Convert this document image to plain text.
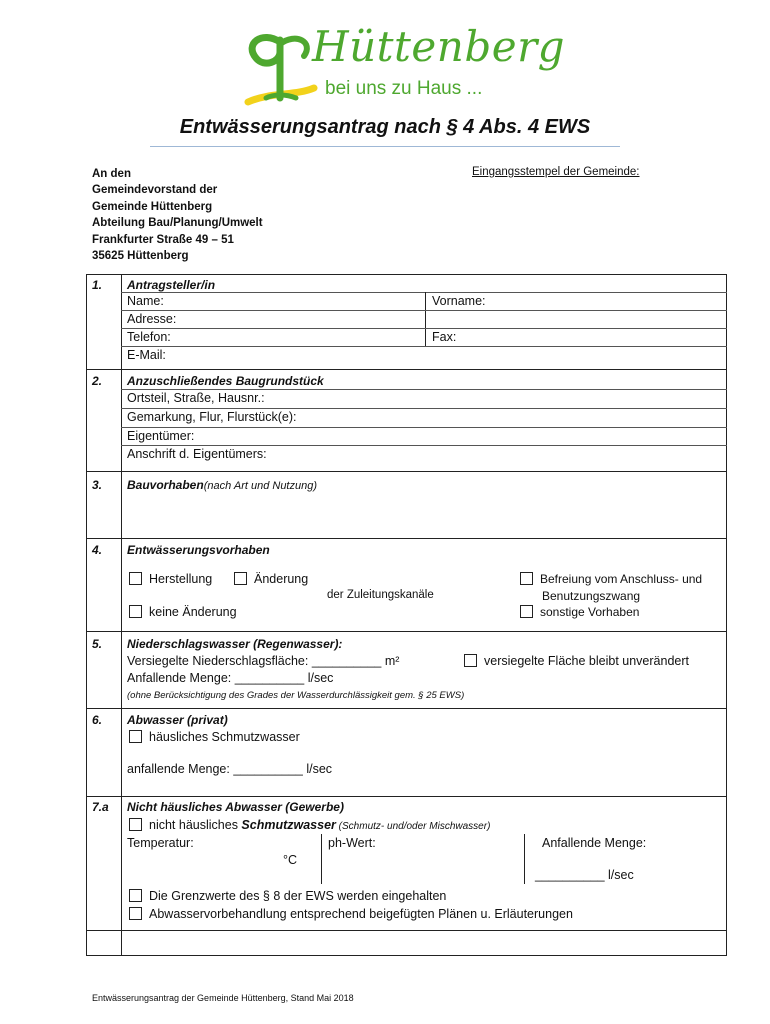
Hüttenberg
bei uns zu Haus ...
Entwässerungsantrag nach § 4 Abs. 4 EWS
An den
Gemeindevorstand der
Gemeinde Hüttenberg
Abteilung Bau/Planung/Umwelt
Frankfurter Straße 49 – 51
35625 Hüttenberg
Eingangsstempel der Gemeinde:
1. Antragsteller/in
Name:	Vorname:
Adresse:
Telefon:	Fax:
E-Mail:
2. Anzuschließendes Baugrundstück
Ortsteil, Straße, Hausnr.:
Gemarkung, Flur, Flurstück(e):
Eigentümer:
Anschrift d. Eigentümers:
3. Bauvorhaben(nach Art und Nutzung)
4. Entwässerungsvorhaben
Herstellung	Änderung
der Zuleitungskanäle
keine Änderung
Befreiung vom Anschluss- und
Benutzungszwang
sonstige Vorhaben
5. Niederschlagswasser (Regenwasser):
Versiegelte Niederschlagsfläche: __________ m²	versiegelte Fläche bleibt unverändert
Anfallende Menge: __________ l/sec
(ohne Berücksichtigung des Grades der Wasserdurchlässigkeit gem. § 25 EWS)
6. Abwasser (privat)
häusliches Schmutzwasser
anfallende Menge: __________ l/sec
7.a Nicht häusliches Abwasser (Gewerbe)
nicht häusliches Schmutzwasser (Schmutz- und/oder Mischwasser)
Temperatur:
°C
ph-Wert:	Anfallende Menge:
__________ l/sec
Die Grenzwerte des § 8 der EWS werden eingehalten
Abwasservorbehandlung entsprechend beigefügten Plänen u. Erläuterungen
Entwässerungsantrag der Gemeinde Hüttenberg, Stand Mai 2018
